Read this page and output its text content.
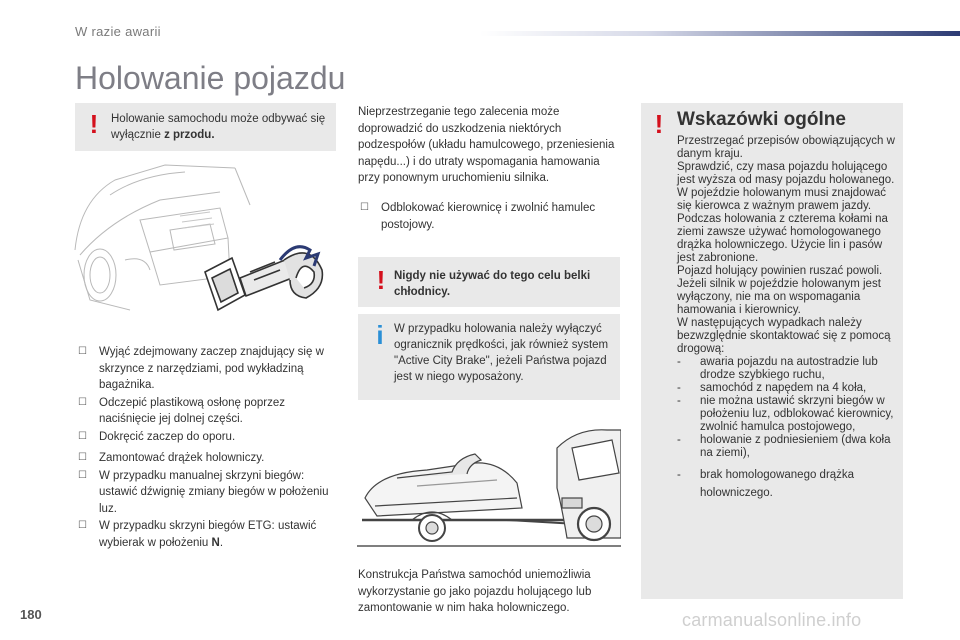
W razie awarii
Holowanie pojazdu
!	Holowanie samochodu może odbywać się wyłącznie z przodu.
☐ Wyjąć zdejmowany zaczep znajdujący się w skrzynce z narzędziami, pod wykładziną bagażnika.
☐ Odczepić plastikową osłonę poprzez naciśnięcie jej dolnej części.
☐ Dokręcić zaczep do oporu.
☐ Zamontować drążek holowniczy.
☐ W przypadku manualnej skrzyni biegów: ustawić dźwignię zmiany biegów w położeniu luz.
☐ W przypadku skrzyni biegów ETG: ustawić wybierak w położeniu N.
Nieprzestrzeganie tego zalecenia może doprowadzić do uszkodzenia niektórych podzespołów (układu hamulcowego, przeniesienia napędu...) i do utraty wspomagania hamowania przy ponownym uruchomieniu silnika.
☐ Odblokować kierownicę i zwolnić hamulec postojowy.
! Nigdy nie używać do tego celu belki chłodnicy.
i W przypadku holowania należy wyłączyć ogranicznik prędkości, jak również system "Active City Brake", jeżeli Państwa pojazd jest w niego wyposażony.
Konstrukcja Państwa samochód uniemożliwia wykorzystanie go jako pojazdu holującego lub zamontowanie w nim haka holowniczego.
! Wskazówki ogólne

Przestrzegać przepisów obowiązujących w danym kraju.

Sprawdzić, czy masa pojazdu holującego jest wyższa od masy pojazdu holowanego.

W pojeździe holowanym musi znajdować się kierowca z ważnym prawem jazdy.

Podczas holowania z czterema kołami na ziemi zawsze używać homologowanego drążka holowniczego. Użycie lin i pasów jest zabronione.

Pojazd holujący powinien ruszać powoli.

Jeżeli silnik w pojeździe holowanym jest wyłączony, nie ma on wspomagania hamowania i kierownicy.

W następujących wypadkach należy bezwzględnie skontaktować się z pomocą drogową:

- awaria pojazdu na autostradzie lub drodze szybkiego ruchu,
- samochód z napędem na 4 koła,
- nie można ustawić skrzyni biegów w położeniu luz, odblokować kierownicy, zwolnić hamulca postojowego,
- holowanie z podniesieniem (dwa koła na ziemi),
- brak homologowanego drążka holowniczego.
180	carmanualsonline.info
